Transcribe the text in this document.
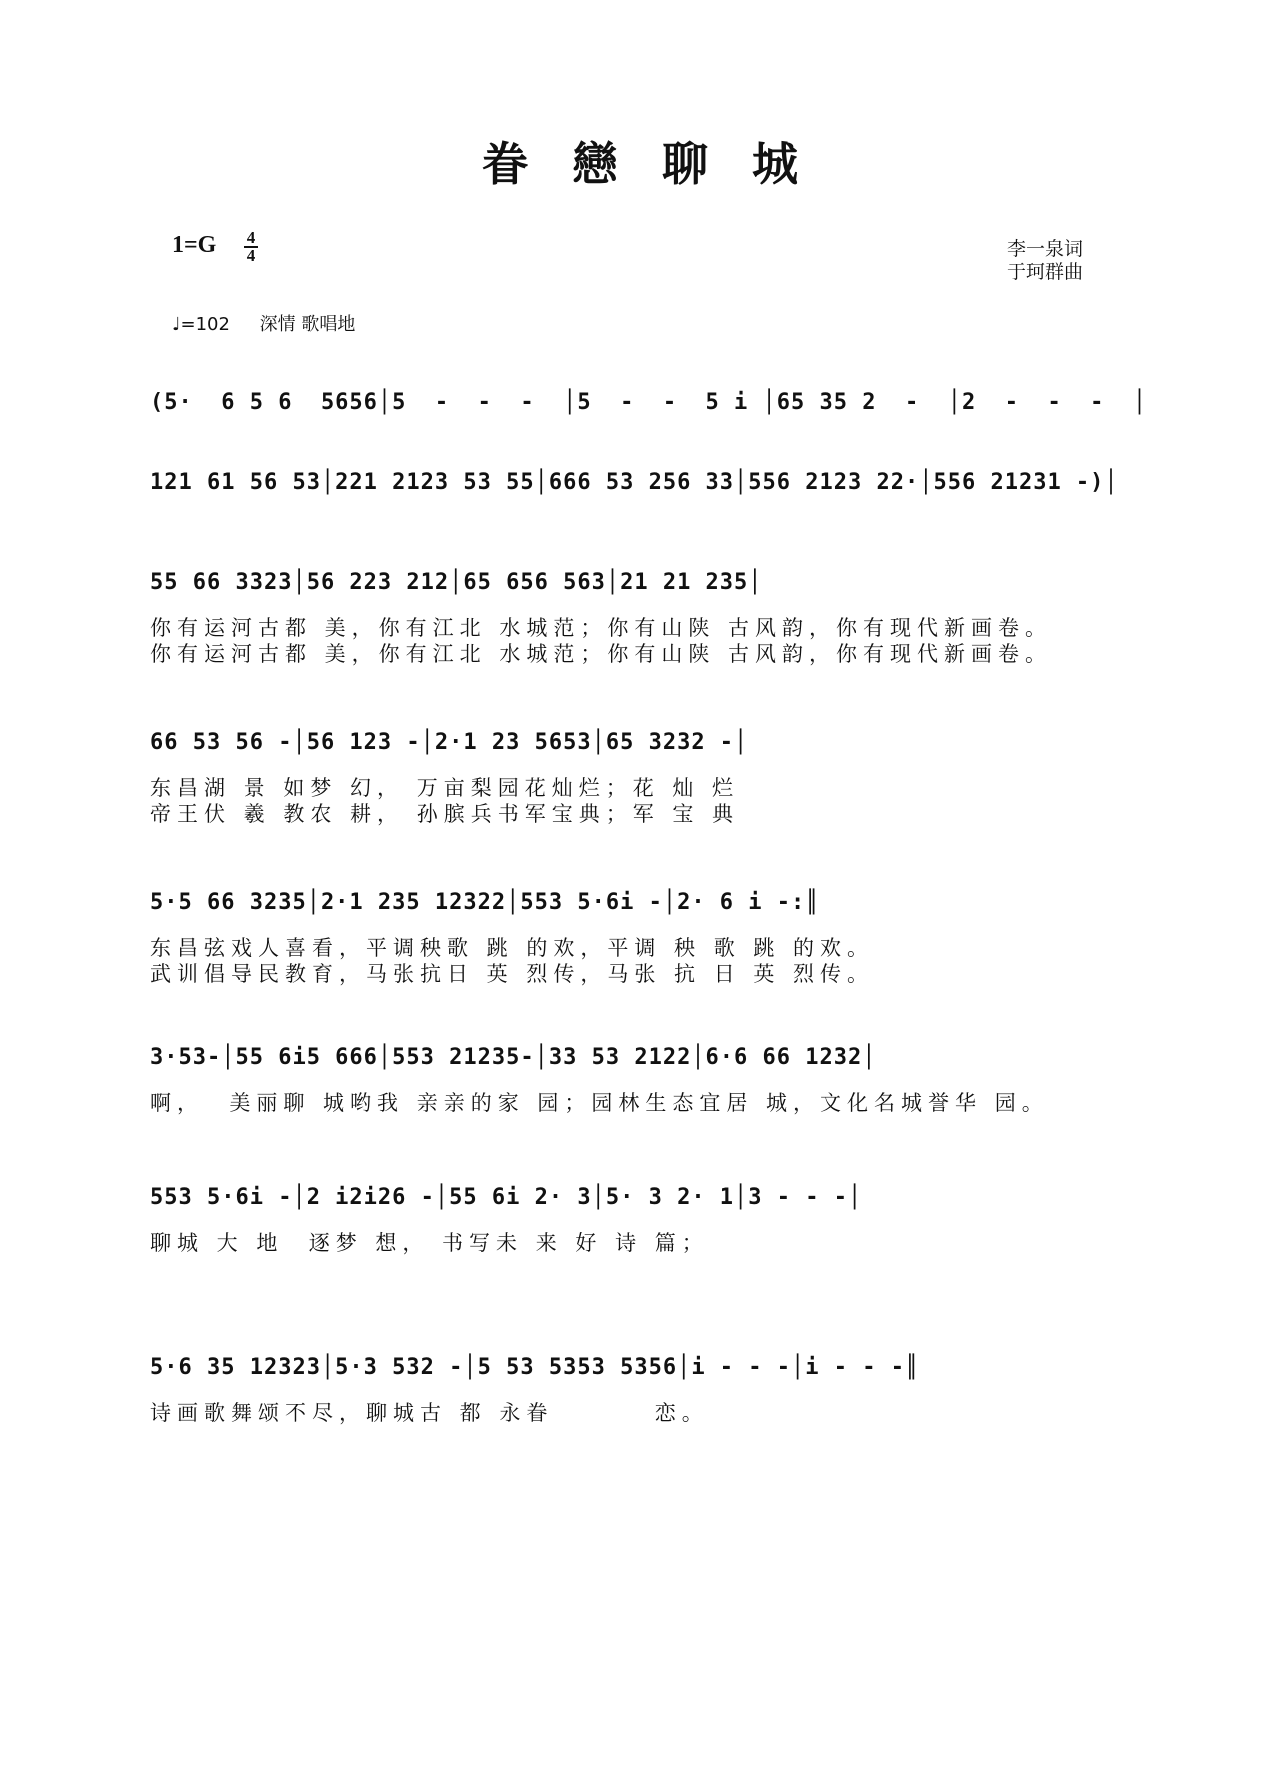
眷戀聊城
1=G 4
4	李一泉词
于珂群曲
♩=102 深情 歌唱地
(5·  6 5 6  5656│5  -  -  -  │5  -  -  5 i │65 35 2  -  │2  -  -  -  │
121 61 56 53│221 2123 53 55│666 53 256 33│556 2123 22·│556 21231 -)│
55 66 3323│56 223 212│65 656 563│21 21 235│
你有运河古都 美，你有江北 水城范；你有山陕 古风韵，你有现代新画卷。
你有运河古都 美，你有江北 水城范；你有山陕 古风韵，你有现代新画卷。
66 53 56 -│56 123 -│2·1 23 5653│65 3232 -│
东昌湖 景 如梦 幻， 万亩梨园花灿烂；花 灿 烂
帝王伏 羲 教农 耕， 孙膑兵书军宝典；军 宝 典
5·5 66 3235│2·1 235 12322│553 5·6i -│2· 6 i -:║
东昌弦戏人喜看，平调秧歌 跳 的欢，平调 秧 歌 跳 的欢。
武训倡导民教育，马张抗日 英 烈传，马张 抗 日 英 烈传。
3·53-│55 6i5 666│553 21235-│33 53 2122│6·6 66 1232│
啊，  美丽聊 城哟我 亲亲的家 园；园林生态宜居 城，文化名城誉华 园。
553 5·6i -│2 i2i26 -│55 6i 2· 3│5· 3 2· 1│3 - - -│
聊城 大 地  逐梦 想， 书写未 来 好 诗 篇；
5·6 35 12323│5·3 532 -│5 53 5353 5356│i - - -│i - - -║
诗画歌舞颂不尽，聊城古 都 永眷        恋。
